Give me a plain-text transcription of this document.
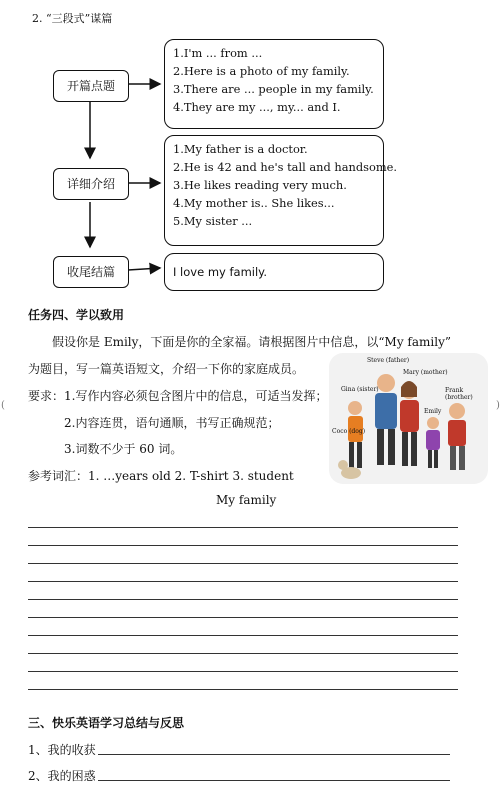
2. “三段式”谋篇
开篇点题
详细介绍
收尾结篇
1.I'm ... from ...
2.Here is a photo of my family.
3.There are ... people in my family.
4.They are my ..., my... and I.
1.My father is a doctor.
2.He is 42 and he's tall and handsome.
3.He likes reading very much.
4.My mother is.. She likes...
5.My sister ...
I love my family.
任务四、学以致用
假设你是 Emily，下面是你的全家福。请根据图片中信息，以“My family”
为题目，写一篇英语短文，介绍一下你的家庭成员。
要求：1.写作内容必须包含图片中的信息，可适当发挥；
2.内容连贯，语句通顺，书写正确规范；
3.词数不少于 60 词。
参考词汇：1. …years old 2. T-shirt 3. student
My family
Steve (father)
Mary (mother)
Gina (sister)	Frank (brother)
Emily
Coco (dog)
三、快乐英语学习总结与反思
1、我的收获
2、我的困惑
(	)
